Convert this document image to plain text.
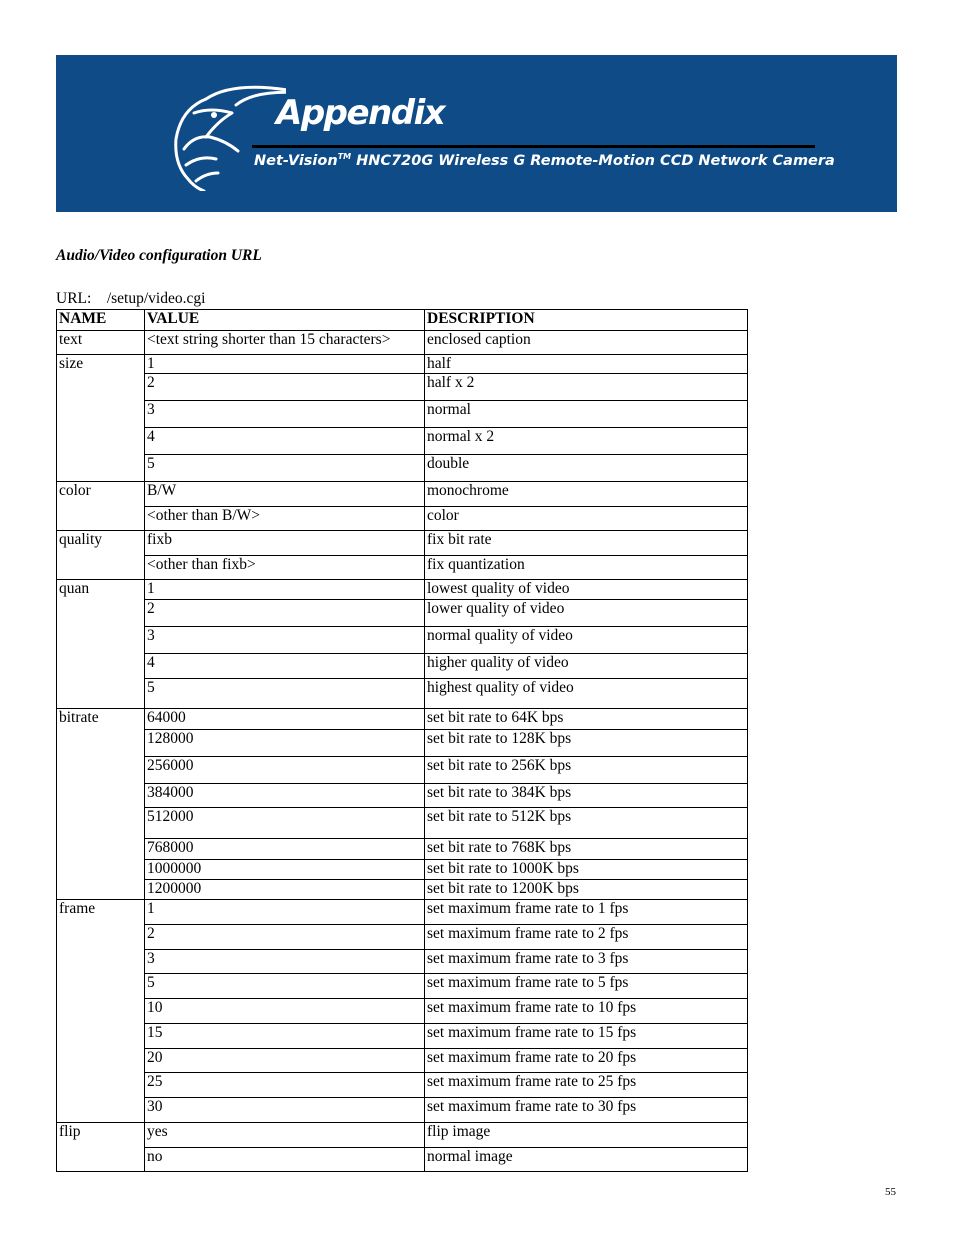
Appendix
Net-Vision™ HNC720G Wireless G Remote-Motion CCD Network Camera
Audio/Video configuration URL
URL: /setup/video.cgi
NAME	VALUE	DESCRIPTION
text	<text string shorter than 15 characters>	enclosed caption
size	1	half
	2	half x 2
	3	normal
	4	normal x 2
	5	double
color	B/W	monochrome
	<other than B/W>	color
quality	fixb	fix bit rate
	<other than fixb>	fix quantization
quan	1	lowest quality of video
	2	lower quality of video
	3	normal quality of video
	4	higher quality of video
	5	highest quality of video
bitrate	64000	set bit rate to 64K bps
	128000	set bit rate to 128K bps
	256000	set bit rate to 256K bps
	384000	set bit rate to 384K bps
	512000	set bit rate to 512K bps
	768000	set bit rate to 768K bps
	1000000	set bit rate to 1000K bps
	1200000	set bit rate to 1200K bps
frame	1	set maximum frame rate to 1 fps
	2	set maximum frame rate to 2 fps
	3	set maximum frame rate to 3 fps
	5	set maximum frame rate to 5 fps
	10	set maximum frame rate to 10 fps
	15	set maximum frame rate to 15 fps
	20	set maximum frame rate to 20 fps
	25	set maximum frame rate to 25 fps
	30	set maximum frame rate to 30 fps
flip	yes	flip image
	no	normal image
55
